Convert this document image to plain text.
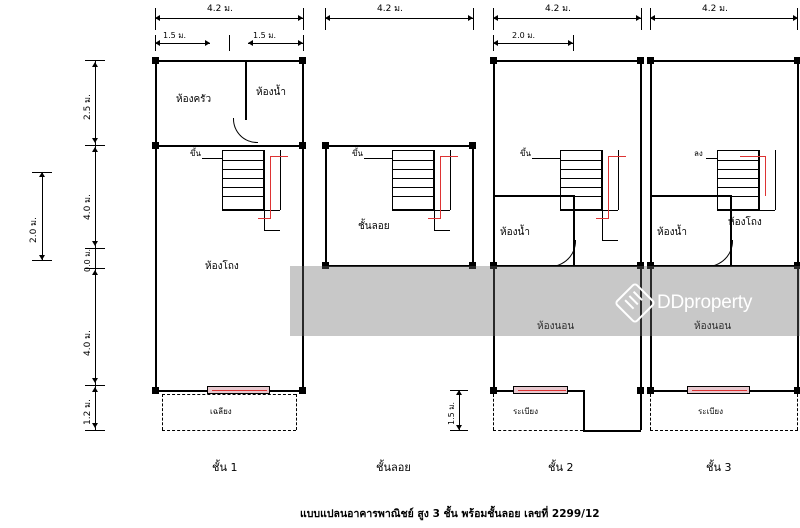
2.0 ม.
2.5 ม.
4.0 ม.
0.0 ม.
4.0 ม.
1.2 ม.
4.2 ม.
1.5 ม.	1.5 ม.
ขึ้น
ห้องครัว
ห้องน้ำ
ห้องโถง
เฉลียง
ชั้น 1
4.2 ม.
ขึ้น
ชั้นลอย
ชั้นลอย
4.2 ม.
2.0 ม.
ขึ้น
ห้องน้ำ
ห้องนอน
1.5 ม.	ระเบียง
ชั้น 2
4.2 ม.
ลง
ห้องน้ำ
ห้องโถง
ห้องนอน
ระเบียง
ชั้น 3
DDproperty
แบบแปลนอาคารพาณิชย์ สูง 3 ชั้น พร้อมชั้นลอย เลขที่ 2299/12
